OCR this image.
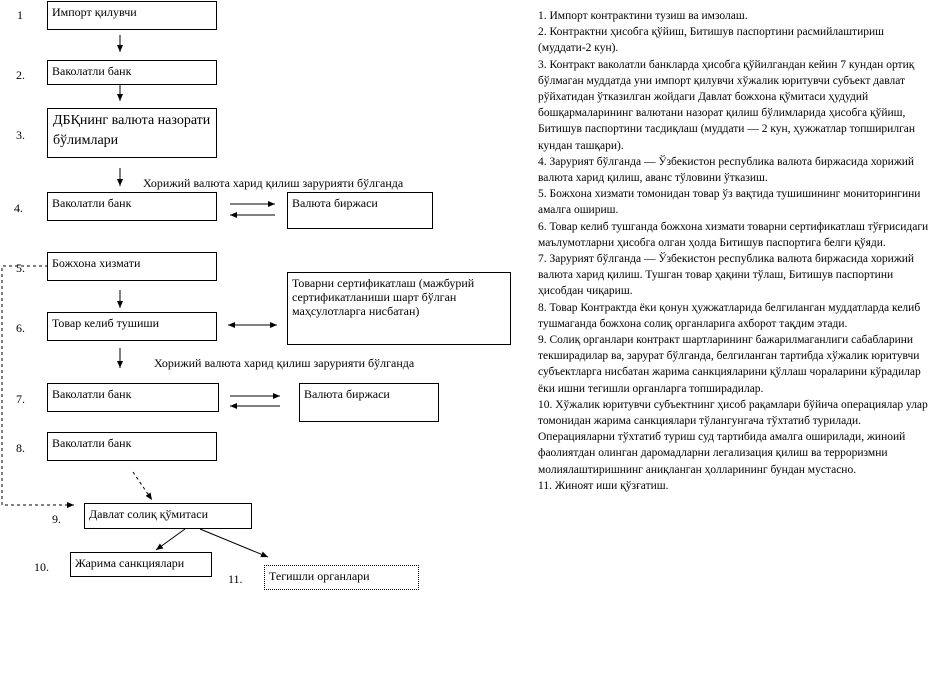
1
2.
3.
4.
5.
6.
7.
8.
9.
10.
11.
Импорт қилувчи
Ваколатли банк
ДБҚнинг валюта назорати бўлимлари
Ваколатли банк	Валюта биржаси
Божхона хизмати
Товар келиб тушиши
Товарни сертификатлаш (мажбурий сертификатланиши шарт бўлган маҳсулотларга нисбатан)
Ваколатли банк	Валюта биржаси
Ваколатли банк
Давлат солиқ қўмитаси
Жарима санкциялари
Тегишли органлари
Хорижий валюта харид қилиш зарурияти бўлганда
Хорижий валюта харид қилиш зарурияти бўлганда
1. Импорт контрактини тузиш ва имзолаш.
2. Контрактни ҳисобга қўйиш, Битишув паспортини расмийлаштириш (муддати-2 кун).
3. Контракт ваколатли банкларда ҳисобга қўйилгандан кейин 7 кундан ортиқ бўлмаган муддатда уни импорт қилувчи хўжалик юритувчи субъект давлат рўйхатидан ўтказилган жойдаги Давлат божхона қўмитаси ҳудудий бошқармаларининг валютани назорат қилиш бўлимларида ҳисобга қўйиш, Битишув паспортини тасдиқлаш (муддати — 2 кун, ҳужжатлар топширилган кундан ташқари).
4. Зарурият бўлганда — Ўзбекистон республика валюта биржасида хорижий валюта харид қилиш, аванс тўловини ўтказиш.
5. Божхона хизмати томонидан товар ўз вақтида тушишининг мониторингини амалга ошириш.
6. Товар келиб тушганда божхона хизмати товарни сертификатлаш тўғрисидаги маълумотларни ҳисобга олган ҳолда Битишув паспортига белги қўяди.
7. Зарурият бўлганда — Ўзбекистон республика валюта биржасида хорижий валюта харид қилиш. Тушган товар ҳақини тўлаш, Битишув паспортини ҳисобдан чиқариш.
8. Товар Контрактда ёки қонун ҳужжатларида белгиланган муддатларда келиб тушмаганда божхона солиқ органларига ахборот тақдим этади.
9. Солиқ органлари контракт шартларининг бажарилмаганлиги сабабларини текширадилар ва, зарурат бўлганда, белгиланган тартибда хўжалик юритувчи субъектларга нисбатан жарима санкцияларини қўллаш чораларини кўрадилар ёки ишни тегишли органларга топширадилар.
10. Хўжалик юритувчи субъектнинг ҳисоб рақамлари бўйича операциялар улар томонидан жарима санкциялари тўлангунгача тўхтатиб турилади. Операцияларни тўхтатиб туриш суд тартибида амалга оширилади, жиноий фаолиятдан олинган даромадларни легализация қилиш ва терроризмни молиялаштиришнинг аниқланган ҳолларининг бундан мустасно.
11. Жиноят иши қўзғатиш.
